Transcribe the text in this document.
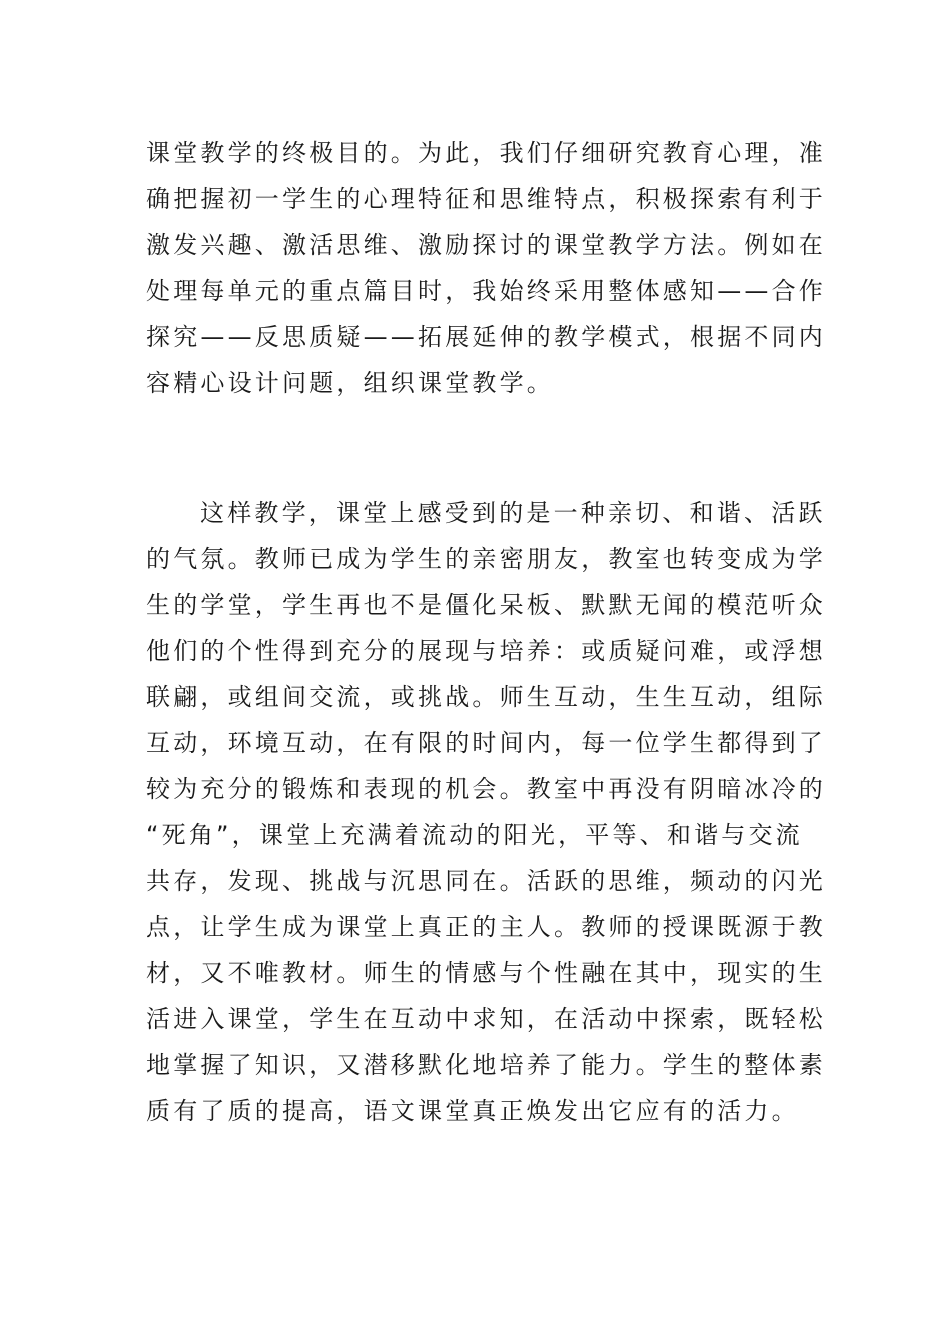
课堂教学的终极目的。为此，我们仔细研究教育心理，准
确把握初一学生的心理特征和思维特点，积极探索有利于
激发兴趣、激活思维、激励探讨的课堂教学方法。例如在
处理每单元的重点篇目时，我始终采用整体感知——合作
探究——反思质疑——拓展延伸的教学模式，根据不同内
容精心设计问题，组织课堂教学。
这样教学，课堂上感受到的是一种亲切、和谐、活跃
的气氛。教师已成为学生的亲密朋友，教室也转变成为学
生的学堂，学生再也不是僵化呆板、默默无闻的模范听众
他们的个性得到充分的展现与培养：或质疑问难，或浮想
联翩，或组间交流，或挑战。师生互动，生生互动，组际
互动，环境互动，在有限的时间内，每一位学生都得到了
较为充分的锻炼和表现的机会。教室中再没有阴暗冰冷的
“死角”，课堂上充满着流动的阳光，平等、和谐与交流
共存，发现、挑战与沉思同在。活跃的思维，频动的闪光
点，让学生成为课堂上真正的主人。教师的授课既源于教
材，又不唯教材。师生的情感与个性融在其中，现实的生
活进入课堂，学生在互动中求知，在活动中探索，既轻松
地掌握了知识，又潜移默化地培养了能力。学生的整体素
质有了质的提高，语文课堂真正焕发出它应有的活力。
